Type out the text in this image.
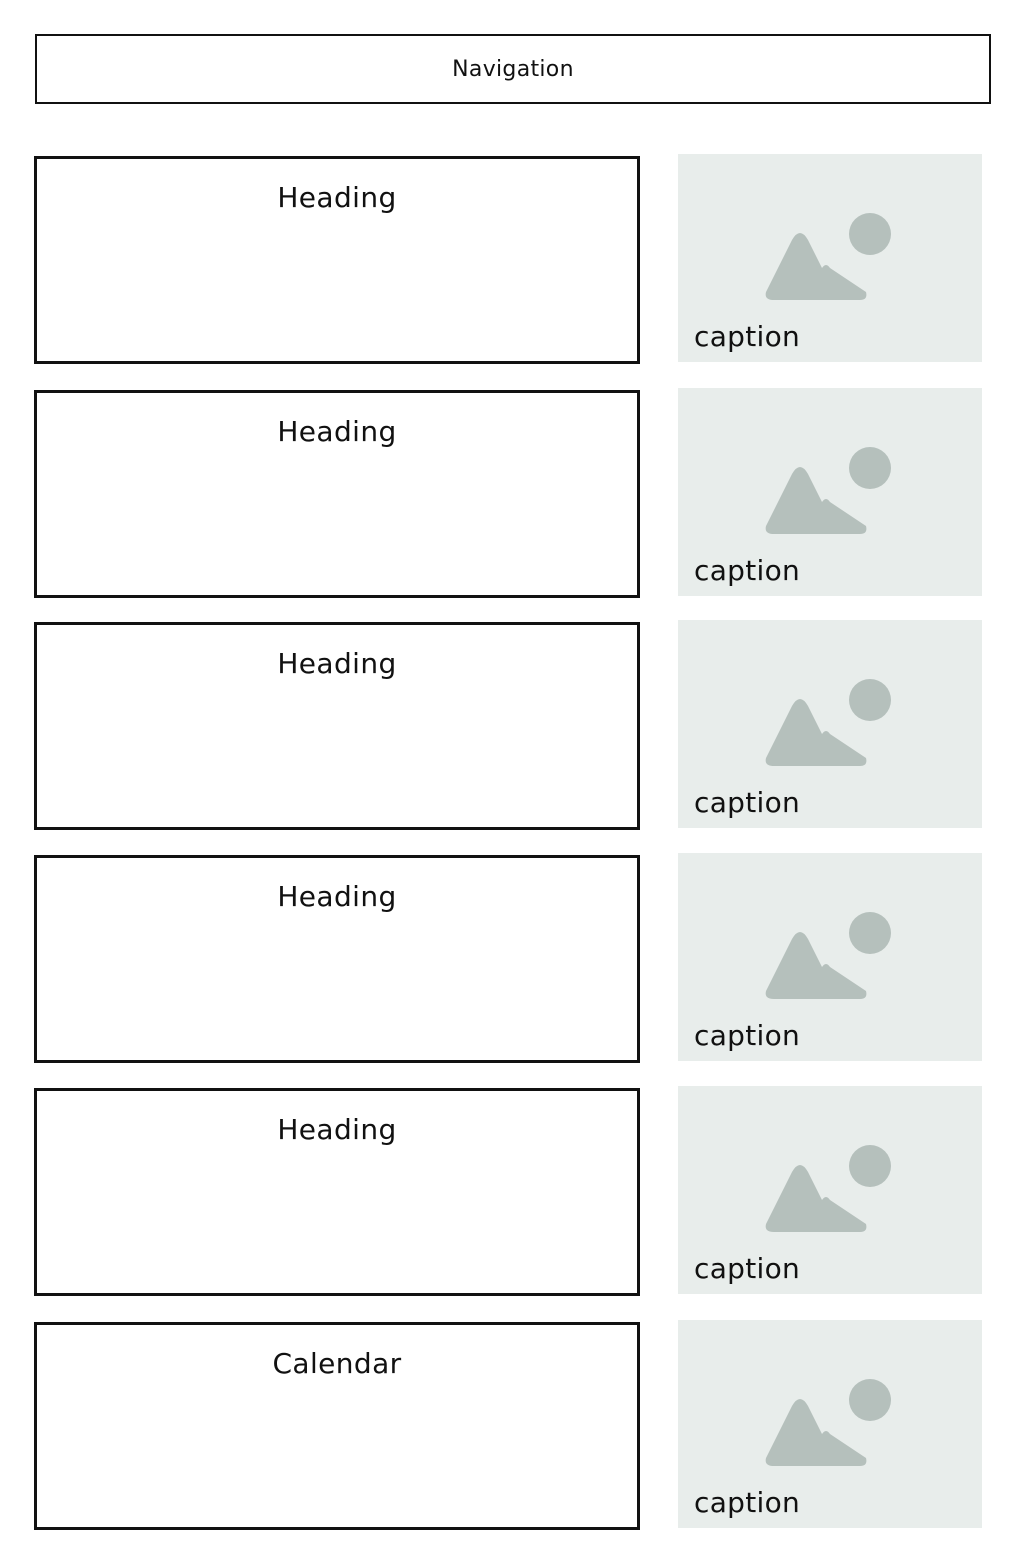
Navigation
Heading
caption
Heading
caption
Heading
caption
Heading
caption
Heading
caption
Calendar
caption
